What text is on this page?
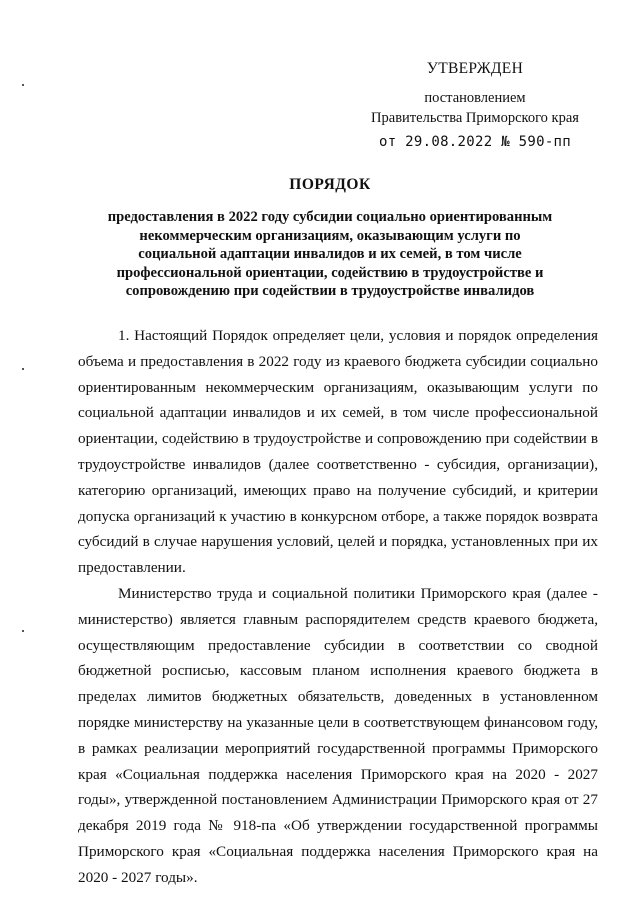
УТВЕРЖДЕН
постановлением
Правительства Приморского края
от 29.08.2022 № 590-пп
ПОРЯДОК
предоставления в 2022 году субсидии социально ориентированным некоммерческим организациям, оказывающим услуги по социальной адаптации инвалидов и их семей, в том числе профессиональной ориентации, содействию в трудоустройстве и сопровождению при содействии в трудоустройстве инвалидов

1. Настоящий Порядок определяет цели, условия и порядок определения объема и предоставления в 2022 году из краевого бюджета субсидии социально ориентированным некоммерческим организациям, оказывающим услуги по социальной адаптации инвалидов и их семей, в том числе профессиональной ориентации, содействию в трудоустройстве и сопровождению при содействии в трудоустройстве инвалидов (далее соответственно - субсидия, организации), категорию организаций, имеющих право на получение субсидий, и критерии допуска организаций к участию в конкурсном отборе, а также порядок возврата субсидий в случае нарушения условий, целей и порядка, установленных при их предоставлении.

Министерство труда и социальной политики Приморского края (далее - министерство) является главным распорядителем средств краевого бюджета, осуществляющим предоставление субсидии в соответствии со сводной бюджетной росписью, кассовым планом исполнения краевого бюджета в пределах лимитов бюджетных обязательств, доведенных в установленном порядке министерству на указанные цели в соответствующем финансовом году, в рамках реализации мероприятий государственной программы Приморского края «Социальная поддержка населения Приморского края на 2020 - 2027 годы», утвержденной постановлением Администрации Приморского края от 27 декабря 2019 года № 918-па «Об утверждении государственной программы Приморского края «Социальная поддержка населения Приморского края на 2020 - 2027 годы».
